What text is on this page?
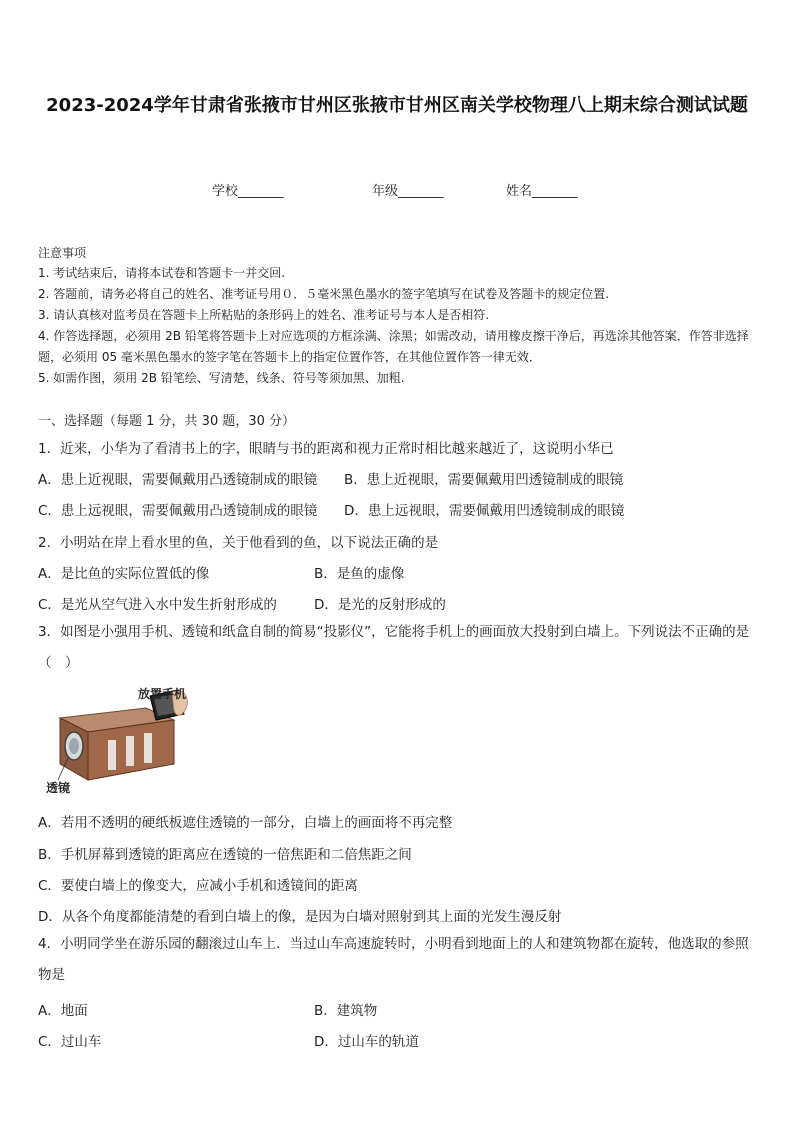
2023-2024学年甘肃省张掖市甘州区张掖市甘州区南关学校物理八上期末综合测试试题
学校_______	年级_______	姓名_______
注意事项
1. 考试结束后，请将本试卷和答题卡一并交回.
2. 答题前，请务必将自己的姓名、准考证号用０．５毫米黑色墨水的签字笔填写在试卷及答题卡的规定位置.
3. 请认真核对监考员在答题卡上所粘贴的条形码上的姓名、准考证号与本人是否相符.
4. 作答选择题，必须用 2B 铅笔将答题卡上对应选项的方框涂满、涂黑；如需改动，请用橡皮擦干净后，再选涂其他答案．作答非选择题，必须用 05 毫米黑色墨水的签字笔在答题卡上的指定位置作答，在其他位置作答一律无效．
5. 如需作图，须用 2B 铅笔绘、写清楚，线条、符号等须加黑、加粗.
一、选择题（每题 1 分，共 30 题，30 分）
1．近来，小华为了看清书上的字，眼睛与书的距离和视力正常时相比越来越近了，这说明小华已
A．患上近视眼，需要佩戴用凸透镜制成的眼镜 B．患上近视眼，需要佩戴用凹透镜制成的眼镜
C．患上远视眼，需要佩戴用凸透镜制成的眼镜 D．患上远视眼，需要佩戴用凹透镜制成的眼镜
2．小明站在岸上看水里的鱼，关于他看到的鱼，以下说法正确的是
A．是比鱼的实际位置低的像	B．是鱼的虚像
C．是光从空气进入水中发生折射形成的	D．是光的反射形成的
3．如图是小强用手机、透镜和纸盒自制的简易“投影仪”，它能将手机上的画面放大投射到白墙上。下列说法不正确的是（　）
放置手机
透镜
A．若用不透明的硬纸板遮住透镜的一部分，白墙上的画面将不再完整
B．手机屏幕到透镜的距离应在透镜的一倍焦距和二倍焦距之间
C．要使白墙上的像变大，应减小手机和透镜间的距离
D．从各个角度都能清楚的看到白墙上的像，是因为白墙对照射到其上面的光发生漫反射
4．小明同学坐在游乐园的翻滚过山车上．当过山车高速旋转时，小明看到地面上的人和建筑物都在旋转，他选取的参照物是
A．地面	B．建筑物
C．过山车	D．过山车的轨道
